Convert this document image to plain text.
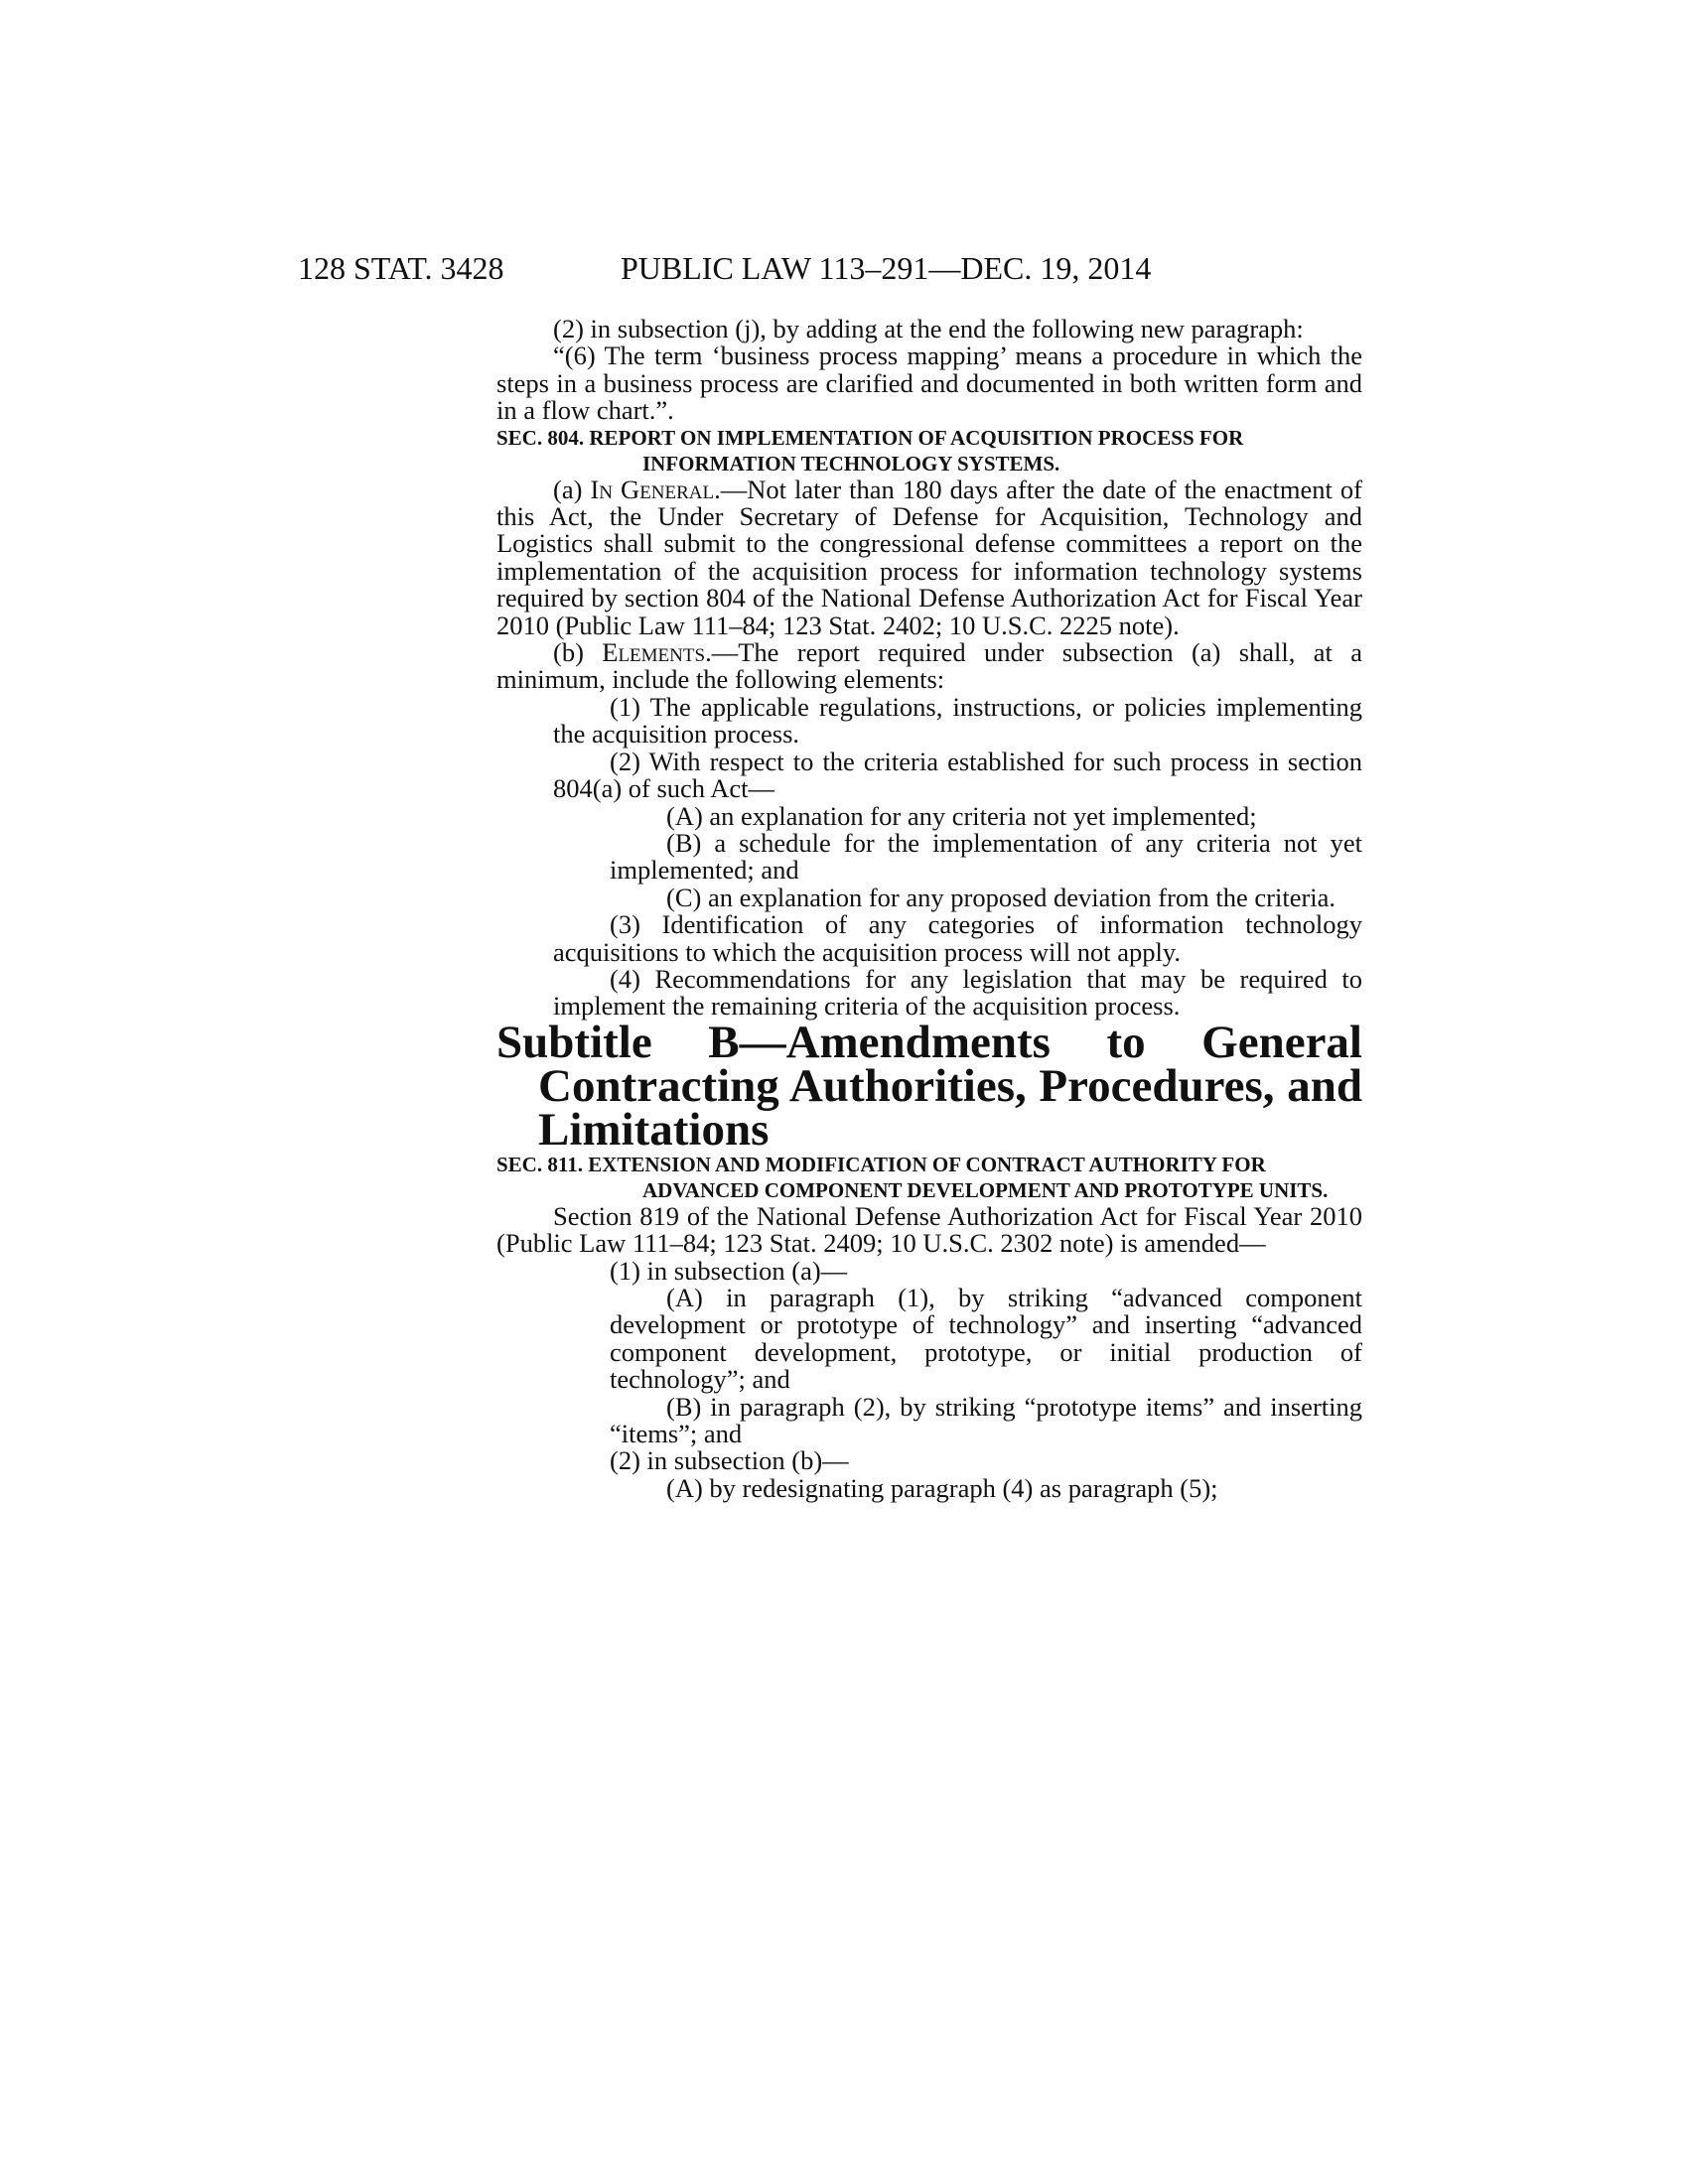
128 STAT. 3428	PUBLIC LAW 113–291—DEC. 19, 2014

(2) in subsection (j), by adding at the end the following new paragraph:

“(6) The term ‘business process mapping’ means a procedure in which the steps in a business process are clarified and documented in both written form and in a flow chart.”.

SEC. 804. REPORT ON IMPLEMENTATION OF ACQUISITION PROCESS FOR INFORMATION TECHNOLOGY SYSTEMS.

(a) In General.—Not later than 180 days after the date of the enactment of this Act, the Under Secretary of Defense for Acquisition, Technology and Logistics shall submit to the congressional defense committees a report on the implementation of the acquisition process for information technology systems required by section 804 of the National Defense Authorization Act for Fiscal Year 2010 (Public Law 111–84; 123 Stat. 2402; 10 U.S.C. 2225 note).

(b) Elements.—The report required under subsection (a) shall, at a minimum, include the following elements:

(1) The applicable regulations, instructions, or policies implementing the acquisition process.

(2) With respect to the criteria established for such process in section 804(a) of such Act—

(A) an explanation for any criteria not yet implemented;

(B) a schedule for the implementation of any criteria not yet implemented; and

(C) an explanation for any proposed deviation from the criteria.

(3) Identification of any categories of information technology acquisitions to which the acquisition process will not apply.

(4) Recommendations for any legislation that may be required to implement the remaining criteria of the acquisition process.

Subtitle B—Amendments to General Contracting Authorities, Procedures, and Limitations

SEC. 811. EXTENSION AND MODIFICATION OF CONTRACT AUTHORITY FOR ADVANCED COMPONENT DEVELOPMENT AND PROTOTYPE UNITS.

Section 819 of the National Defense Authorization Act for Fiscal Year 2010 (Public Law 111–84; 123 Stat. 2409; 10 U.S.C. 2302 note) is amended—

(1) in subsection (a)—

(A) in paragraph (1), by striking “advanced component development or prototype of technology” and inserting “advanced component development, prototype, or initial production of technology”; and

(B) in paragraph (2), by striking “prototype items” and inserting “items”; and

(2) in subsection (b)—

(A) by redesignating paragraph (4) as paragraph (5);
